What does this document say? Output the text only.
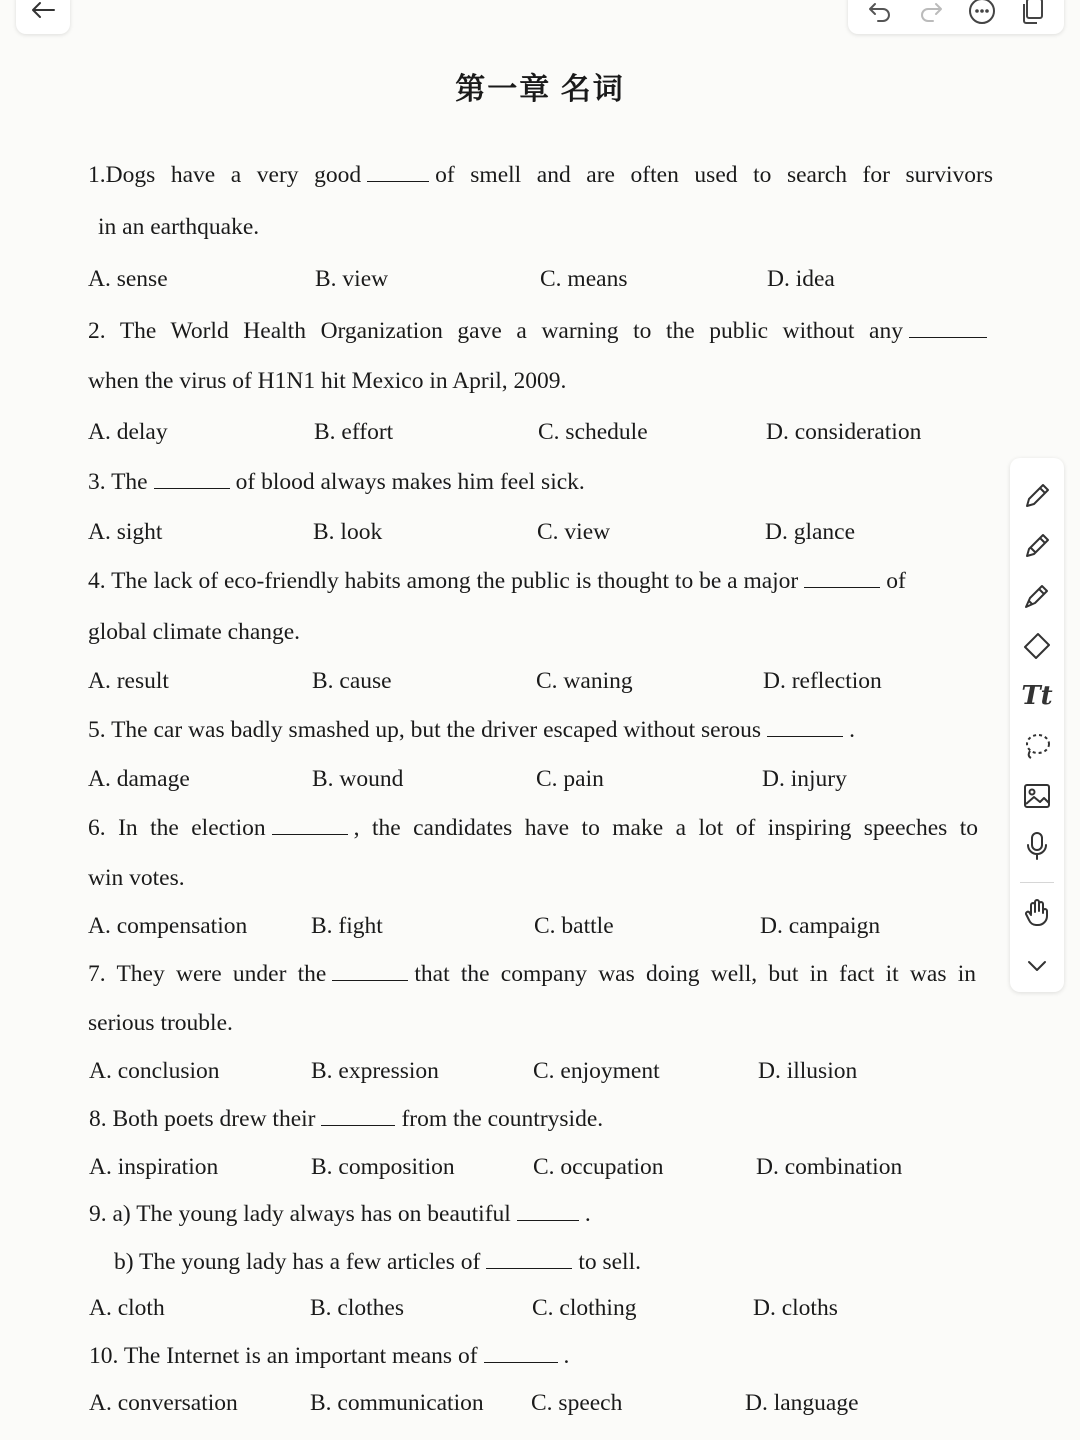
第一章 名词
1.Dogs have a very good	of smell and are often used to search for survivors
in an earthquake.
A. sense	B. view	C. means	D. idea
2. The World Health Organization gave a warning to the public without any
when the virus of H1N1 hit Mexico in April, 2009.
A. delay	B. effort	C. schedule	D. consideration
3. The	of blood always makes him feel sick.
A. sight	B. look	C. view	D. glance
4. The lack of eco-friendly habits among the public is thought to be a major	of
global climate change.
A. result	B. cause	C. waning	D. reflection
5. The car was badly smashed up, but the driver escaped without serous	.
A. damage	B. wound	C. pain	D. injury
6. In the election	, the candidates have to make a lot of inspiring speeches to
win votes.
A. compensation	B. fight	C. battle	D. campaign
7. They were under the	that the company was doing well, but in fact it was in
serious trouble.
A. conclusion	B. expression	C. enjoyment	D. illusion
8. Both poets drew their	from the countryside.
A. inspiration	B. composition	C. occupation	D. combination
9. a) The young lady always has on beautiful	.
b) The young lady has a few articles of	to sell.
A. cloth	B. clothes	C. clothing	D. cloths
10. The Internet is an important means of	.
A. conversation	B. communication C. speech	D. language
Tt
